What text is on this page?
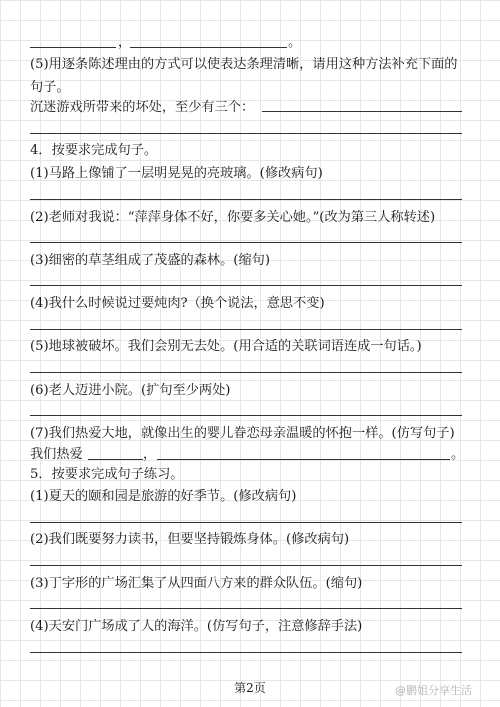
(5)用逐条陈述理由的方式可以使表达条理清晰，请用这种方法补充下面的
句子。
沉迷游戏所带来的坏处，至少有三个：
4．按要求完成句子。
(1)马路上像铺了一层明晃晃的亮玻璃。(修改病句)
(2)老师对我说：“萍萍身体不好，你要多关心她。”(改为第三人称转述)
(3)细密的草茎组成了茂盛的森林。(缩句)
(4)我什么时候说过要炖肉?（换个说法，意思不变)
(5)地球被破坏。我们会别无去处。(用合适的关联词语连成一句话。)
(6)老人迈进小院。(扩句至少两处)
(7)我们热爱大地，就像出生的婴儿眷恋母亲温暖的怀抱一样。(仿写句子)
我们热爱
5．按要求完成句子练习。
(1)夏天的颐和园是旅游的好季节。(修改病句)
(2)我们既要努力读书，但要坚持锻炼身体。(修改病句)
(3)丁字形的广场汇集了从四面八方来的群众队伍。(缩句)
(4)天安门广场成了人的海洋。(仿写句子，注意修辞手法)
，	。
，	。
第2页	@鹏姐分享生活
